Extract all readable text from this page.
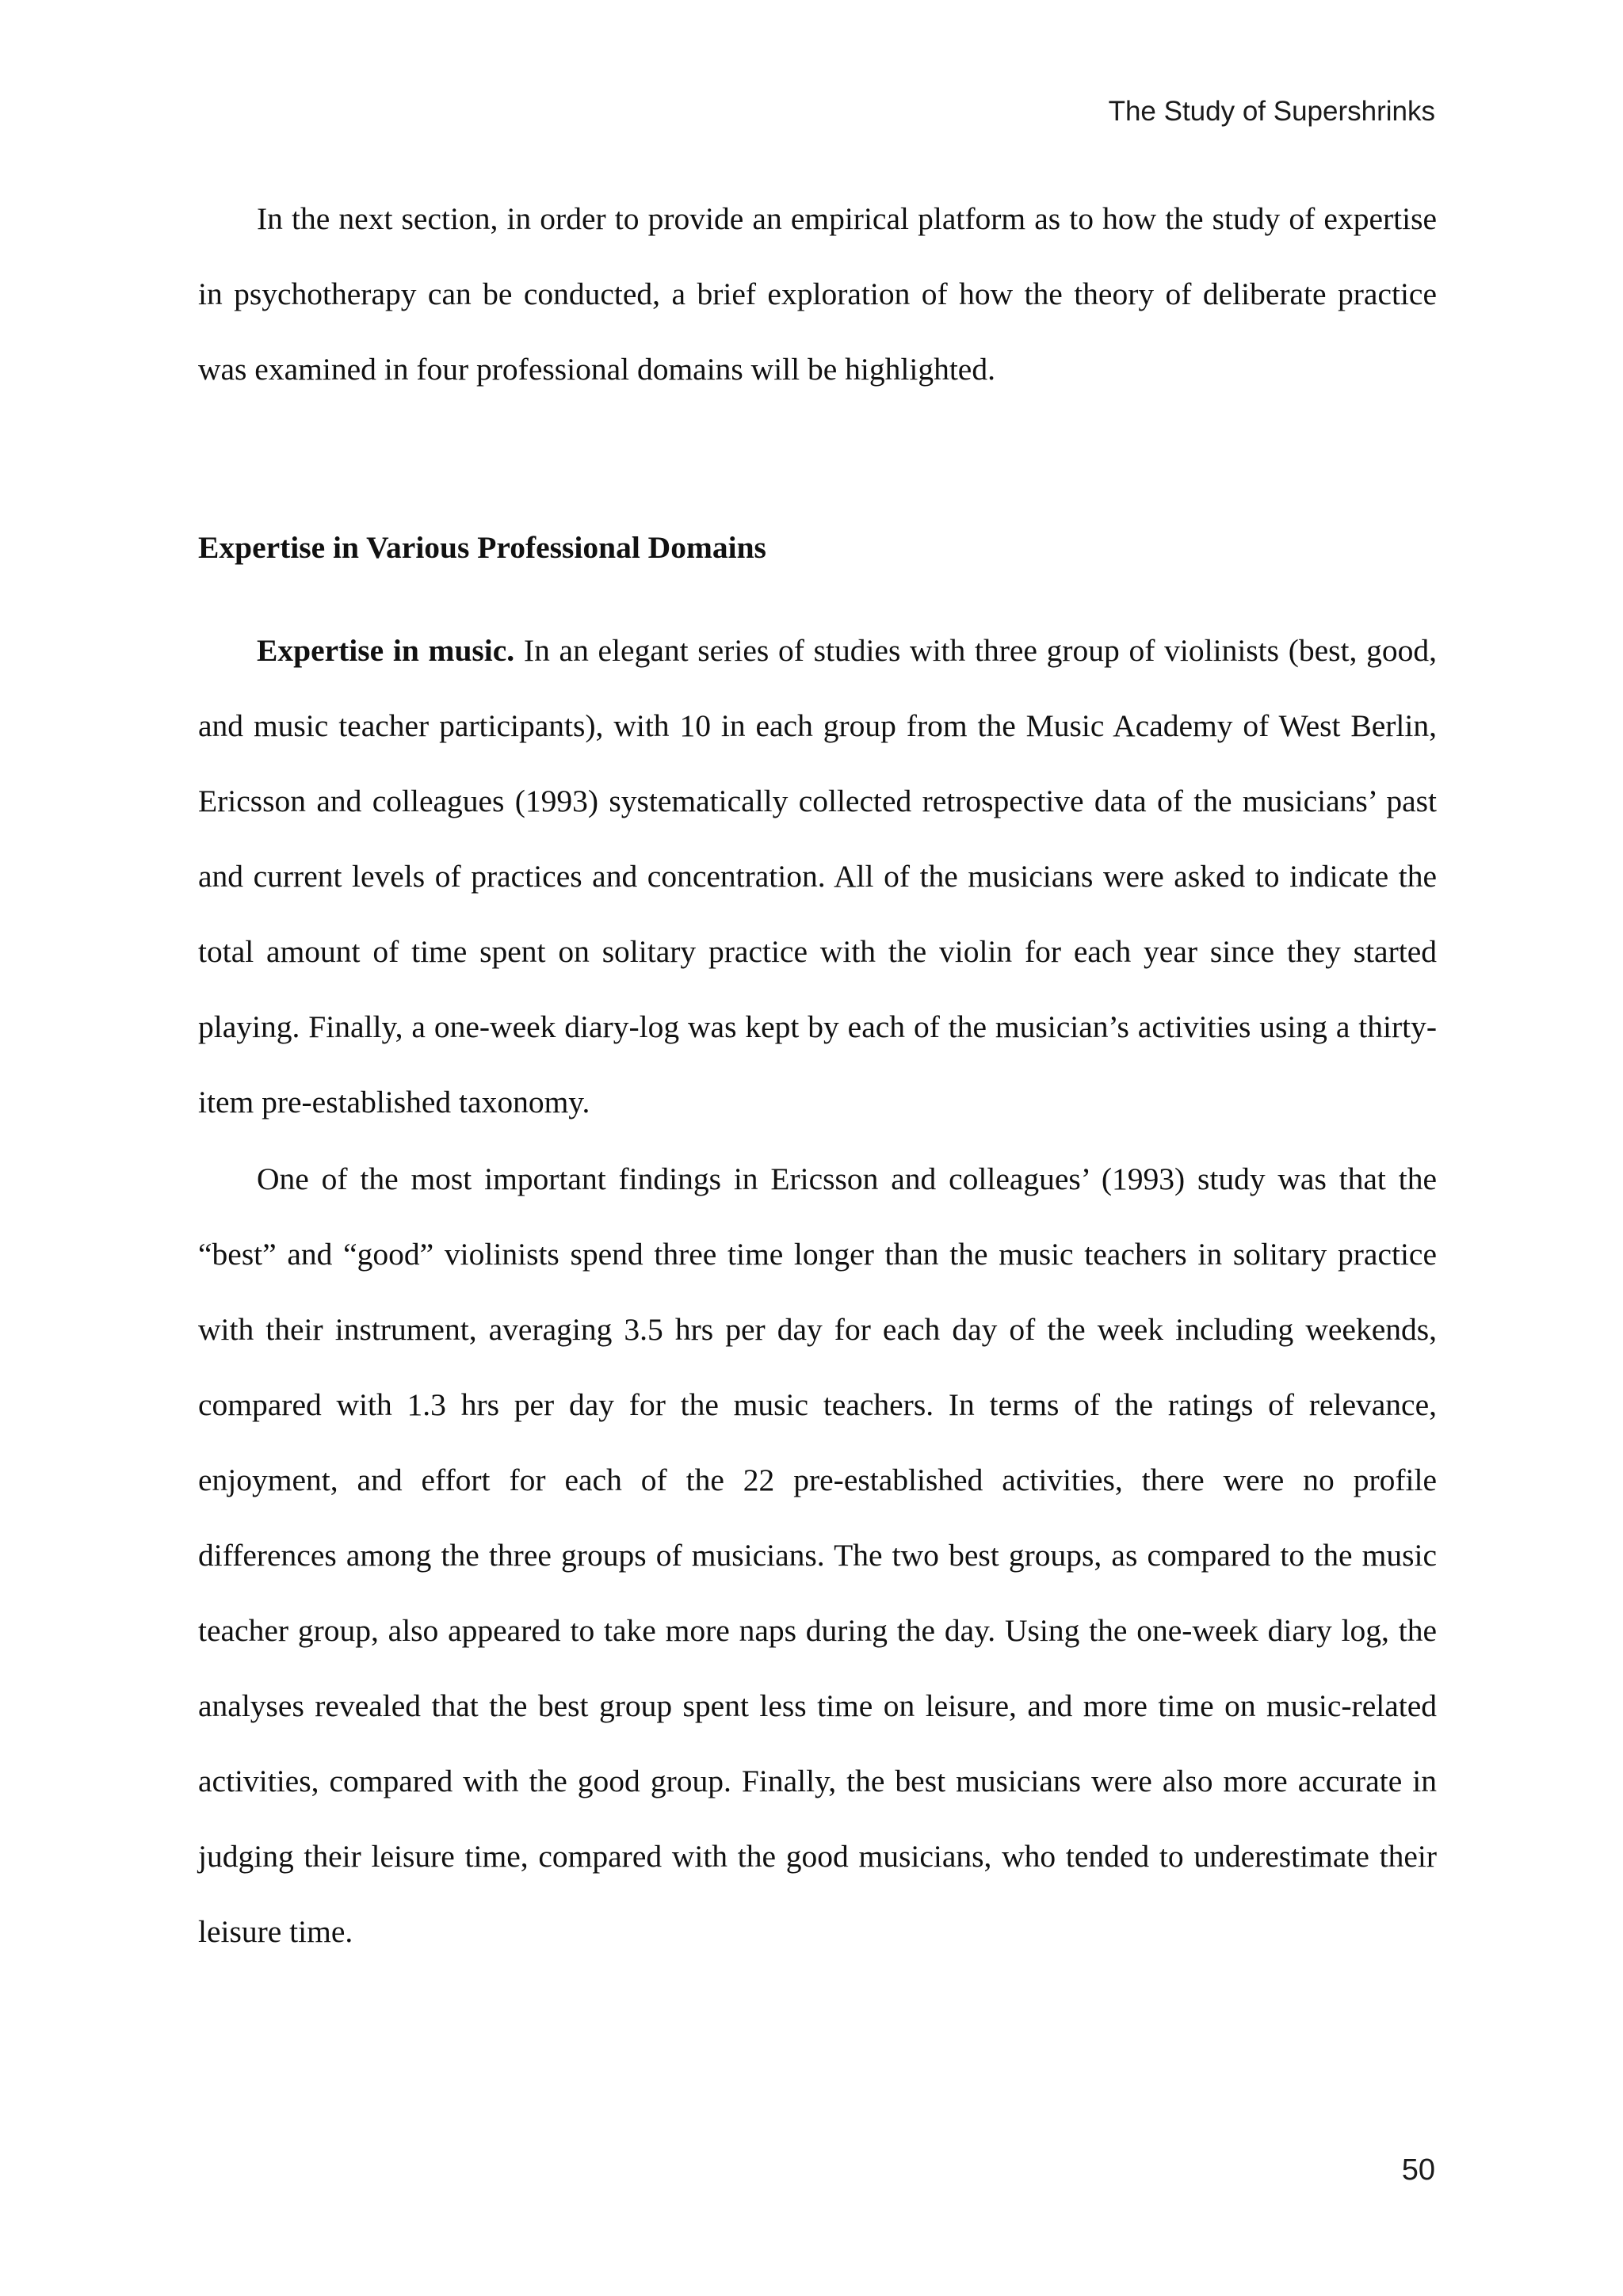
The Study of Supershrinks

In the next section, in order to provide an empirical platform as to how the study of expertise in psychotherapy can be conducted, a brief exploration of how the theory of deliberate practice was examined in four professional domains will be highlighted.

Expertise in Various Professional Domains

Expertise in music. In an elegant series of studies with three group of violinists (best, good, and music teacher participants), with 10 in each group from the Music Academy of West Berlin, Ericsson and colleagues (1993) systematically collected retrospective data of the musicians’ past and current levels of practices and concentration. All of the musicians were asked to indicate the total amount of time spent on solitary practice with the violin for each year since they started playing. Finally, a one-week diary-log was kept by each of the musician’s activities using a thirty-item pre-established taxonomy.

One of the most important findings in Ericsson and colleagues’ (1993) study was that the “best” and “good” violinists spend three time longer than the music teachers in solitary practice with their instrument, averaging 3.5 hrs per day for each day of the week including weekends, compared with 1.3 hrs per day for the music teachers. In terms of the ratings of relevance, enjoyment, and effort for each of the 22 pre-established activities, there were no profile differences among the three groups of musicians. The two best groups, as compared to the music teacher group, also appeared to take more naps during the day. Using the one-week diary log, the analyses revealed that the best group spent less time on leisure, and more time on music-related activities, compared with the good group. Finally, the best musicians were also more accurate in judging their leisure time, compared with the good musicians, who tended to underestimate their leisure time.

50
